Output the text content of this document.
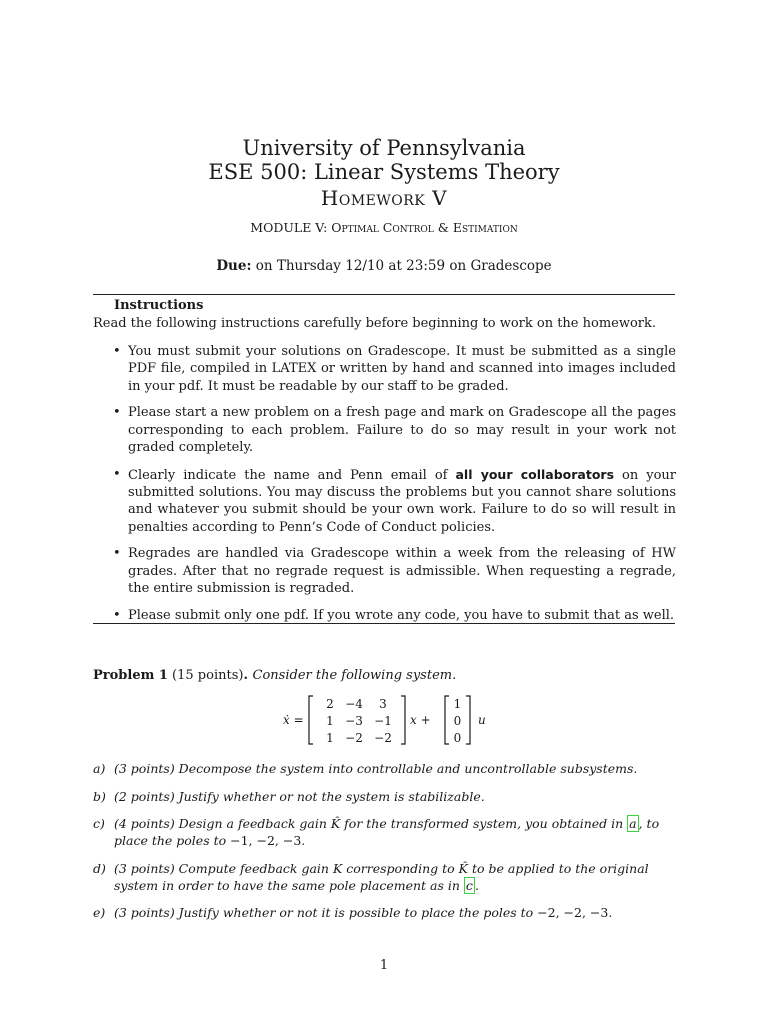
University of Pennsylvania
ESE 500: Linear Systems Theory
Homework V
MODULE V: Optimal Control & Estimation
Due: on Thursday 12/10 at 23:59 on Gradescope
Instructions
Read the following instructions carefully before beginning to work on the homework.
• You must submit your solutions on Gradescope. It must be submitted as a single PDF file, compiled in LATEX or written by hand and scanned into images included in your pdf. It must be readable by our staff to be graded.
• Please start a new problem on a fresh page and mark on Gradescope all the pages corresponding to each problem. Failure to do so may result in your work not graded completely.
• Clearly indicate the name and Penn email of all your collaborators on your submitted solutions. You may discuss the problems but you cannot share solutions and whatever you submit should be your own work. Failure to do so will result in penalties according to Penn’s Code of Conduct policies.
• Regrades are handled via Gradescope within a week from the releasing of HW grades. After that no regrade request is admissible. When requesting a regrade, the entire submission is regraded.
• Please submit only one pdf. If you wrote any code, you have to submit that as well.
Problem 1 (15 points). Consider the following system.
ẋ =
2 −4 3
1 −3 −1
1 −2 −2
x +
1
0
0
u
a) (3 points) Decompose the system into controllable and uncontrollable subsystems.
b) (2 points) Justify whether or not the system is stabilizable.
c) (4 points) Design a feedback gain K̂ for the transformed system, you obtained in a , to place the poles to −1, −2, −3.
d) (3 points) Compute feedback gain K corresponding to K̂ to be applied to the original system in order to have the same pole placement as in c .
e) (3 points) Justify whether or not it is possible to place the poles to −2, −2, −3.
1
